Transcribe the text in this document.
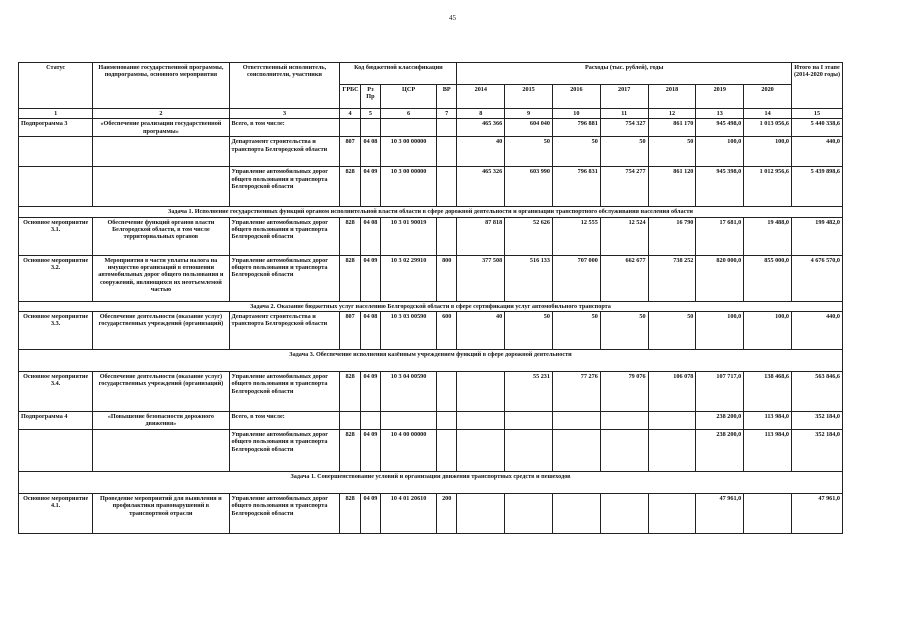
45
Статус	Наименование государственной программы, подпрограммы, основного мероприятия	Ответственный исполнитель, соисполнители, участники	Код бюджетной классификации				Расходы (тыс. рублей), годы							Итого на I этапе (2014-2020 годы)
			ГРБС	Рз Пр	ЦСР	ВР	2014	2015	2016	2017	2018	2019	2020	
1	2	3	4	5	6	7	8	9	10	11	12	13	14	15
Подпрограмма 3	«Обеспечение реализации государственной программы»	Всего, в том числе:					465 366	604 040	796 881	754 327	861 170	945 498,0	1 013 056,6	5 440 338,6
		Департамент строительства и транспорта Белгородской области	807	04 08	10 3 00 00000		40	50	50	50	50	100,0	100,0	440,0
		Управление автомобильных дорог общего пользования и транспорта Белгородской области	828	04 09	10 3 00 00000		465 326	603 990	796 831	754 277	861 120	945 398,0	1 012 956,6	5 439 898,6
Задача 1. Исполнение государственных функций органом исполнительной власти области в сфере дорожной деятельности и организации транспортного обслуживания населения области														
Основное мероприятие 3.1.	Обеспечение функций органов власти Белгородской области, в том числе территориальных органов	Управление автомобильных дорог общего пользования и транспорта Белгородской области	828	04 08	10 3 01 90019		87 818	52 626	12 555	12 524	16 790	17 681,0	19 488,0	199 482,0
Основное мероприятие 3.2.	Мероприятия в части уплаты налога на имущество организаций в отношении автомобильных дорог общего пользования и сооружений, являющихся их неотъемлемой частью	Управление автомобильных дорог общего пользования и транспорта Белгородской области	828	04 09	10 3 02 29910	800	377 508	516 133	707 000	662 677	738 252	820 000,0	855 000,0	4 676 570,0
Задача 2. Оказание бюджетных услуг населению Белгородской области в сфере сертификации услуг автомобильного транспорта														
Основное мероприятие 3.3.	Обеспечение деятельности (оказание услуг) государственных учреждений (организаций)	Департамент строительства и транспорта Белгородской области	807	04 08	10 3 03 00590	600	40	50	50	50	50	100,0	100,0	440,0
Задача 3. Обеспечение исполнения казённым учреждением функций в сфере дорожной деятельности														
Основное мероприятие 3.4.	Обеспечение деятельности (оказание услуг) государственных учреждений (организаций)	Управление автомобильных дорог общего пользования и транспорта Белгородской области	828	04 09	10 3 04 00590			55 231	77 276	79 076	106 078	107 717,0	138 468,6	563 846,6
Подпрограмма 4	«Повышение безопасности дорожного движения»	Всего, в том числе:										238 200,0	113 984,0	352 184,0
		Управление автомобильных дорог общего пользования и транспорта Белгородской области	828	04 09	10 4 00 00000							238 200,0	113 984,0	352 184,0
Задача 1. Совершенствование условий и организации движения транспортных средств и пешеходов														
Основное мероприятие 4.1.	Проведение мероприятий для выявления и профилактики правонарушений в транспортной отрасли	Управление автомобильных дорог общего пользования и транспорта Белгородской области	828	04 09	10 4 01 20610	200						47 961,0		47 961,0
